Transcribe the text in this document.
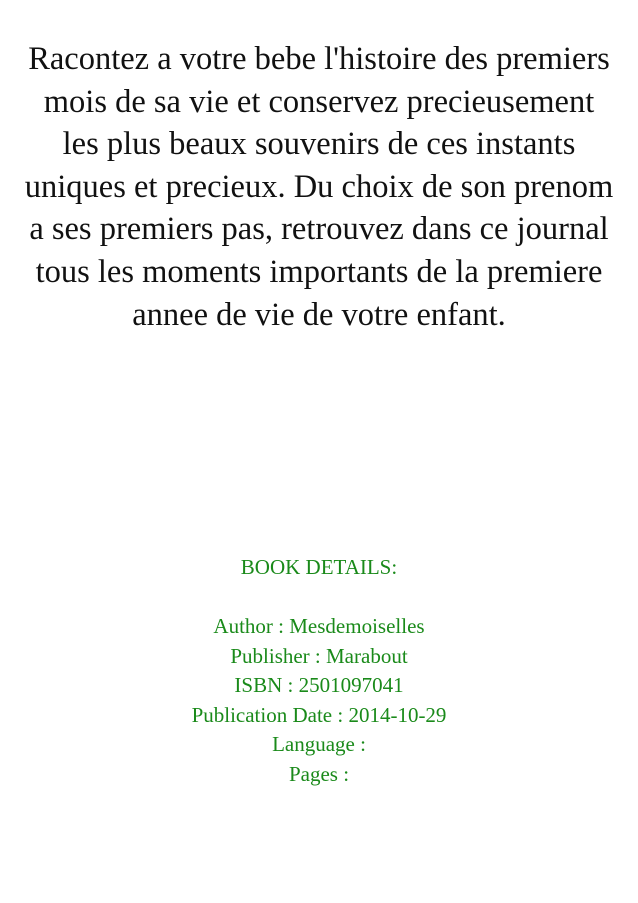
Racontez a votre bebe l'histoire des premiers mois de sa vie et conservez precieusement les plus beaux souvenirs de ces instants uniques et precieux. Du choix de son prenom a ses premiers pas, retrouvez dans ce journal tous les moments importants de la premiere annee de vie de votre enfant.

BOOK DETAILS:
Author : Mesdemoiselles
Publisher : Marabout
ISBN : 2501097041
Publication Date : 2014-10-29
Language :
Pages :
